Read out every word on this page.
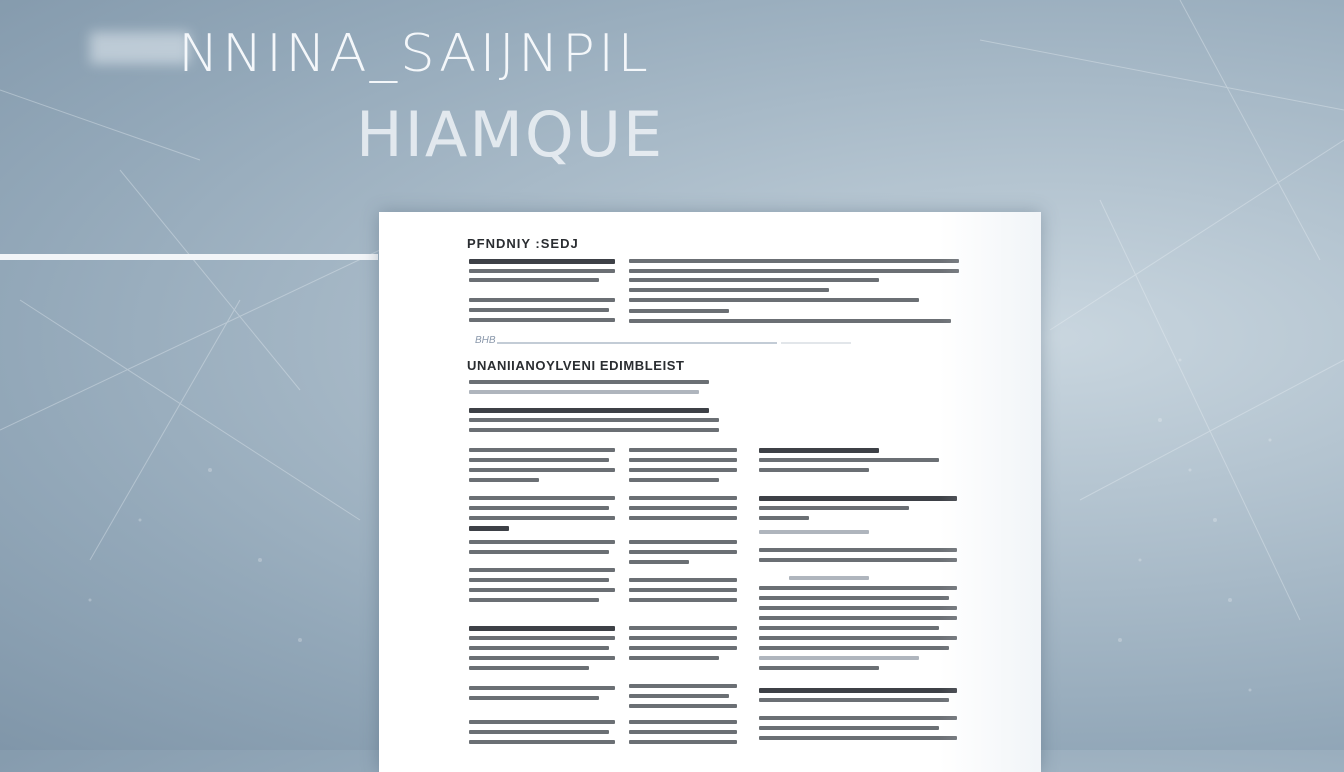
NNINA_SAIJNPIL
HIAMQUE
PFNDNIY :SEDJ
BHB
UNANIIANOYLVENI EDIMBLEIST
